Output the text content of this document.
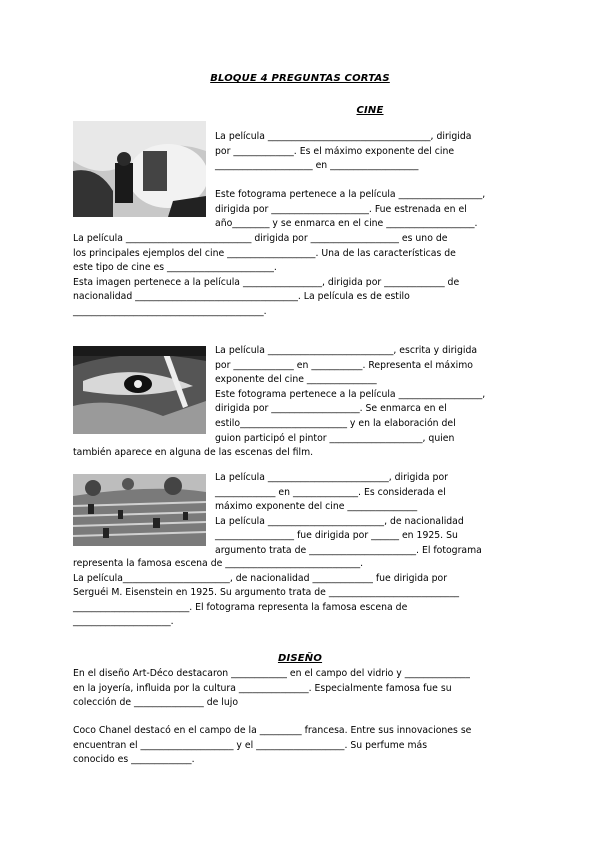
BLOQUE 4 PREGUNTAS CORTAS
CINE

La película ___________________________________, dirigida
por _____________. Es el máximo exponente del cine
_____________________ en ___________________

Este fotograma pertenece a la película __________________,
dirigida por _____________________. Fue estrenada en el
año________ y se enmarca en el cine ___________________.

La película ___________________________ dirigida por ___________________ es uno de
los principales ejemplos del cine ___________________. Una de las características de
este tipo de cine es _______________________.
Esta imagen pertenece a la película _________________, dirigida por _____________ de
nacionalidad ___________________________________. La película es de estilo
_________________________________________.

La película ___________________________, escrita y dirigida
por _____________ en ___________. Representa el máximo
exponente del cine _______________
Este fotograma pertenece a la película __________________,
dirigida por ___________________. Se enmarca en el
estilo_______________________ y en la elaboración del
guion participó el pintor ____________________, quien

también aparece en alguna de las escenas del film.

La película __________________________, dirigida por
_____________ en ______________. Es considerada el
máximo exponente del cine _______________
La película _________________________, de nacionalidad
_________________ fue dirigida por ______ en 1925. Su
argumento trata de _______________________. El fotograma

representa la famosa escena de _____________________________.
La película_______________________, de nacionalidad _____________ fue dirigida por
Serguéi M. Eisenstein en 1925. Su argumento trata de ____________________________
_________________________. El fotograma representa la famosa escena de
_____________________.

DISEÑO

En el diseño Art-Déco destacaron ____________ en el campo del vidrio y ______________
en la joyería, influida por la cultura _______________. Especialmente famosa fue su
colección de _______________ de lujo

Coco Chanel destacó en el campo de la _________ francesa. Entre sus innovaciones se
encuentran el ____________________ y el ___________________. Su perfume más
conocido es _____________.
